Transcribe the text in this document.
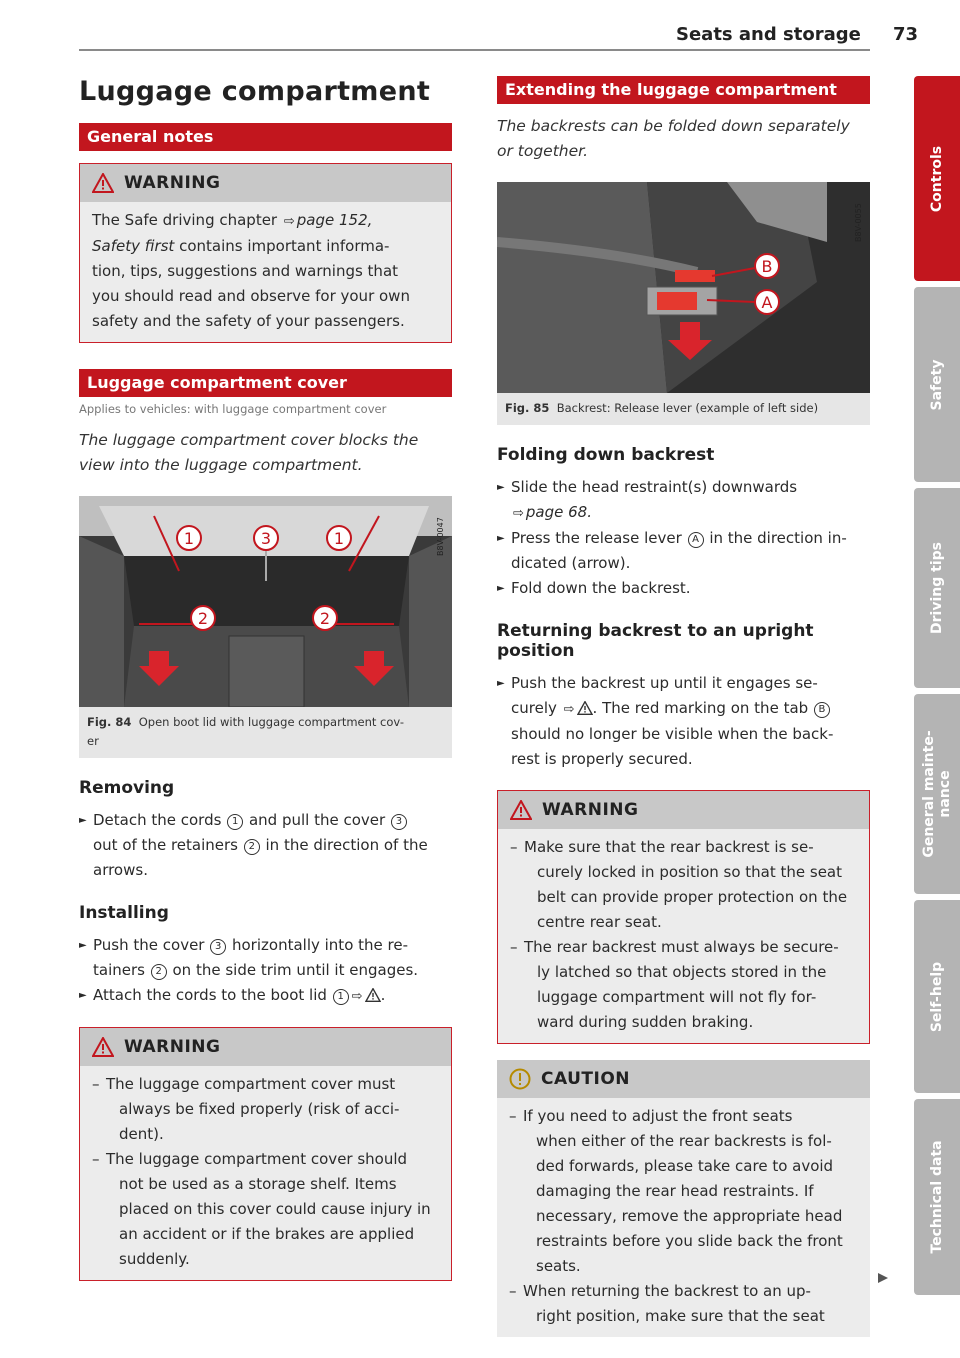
Seats and storage 73
Luggage compartment
General notes
WARNING
The Safe driving chapter ⇨ page 152,
Safety first contains important informa-
tion, tips, suggestions and warnings that
you should read and observe for your own
safety and the safety of your passengers.
Luggage compartment cover
Applies to vehicles: with luggage compartment cover
The luggage compartment cover blocks the
view into the luggage compartment.
1	3	1
2	2
B8V-0047
Fig. 84 Open boot lid with luggage compartment cov-
er
Removing
► Detach the cords 1 and pull the cover 3
out of the retainers 2 in the direction of the
arrows.
Installing
► Push the cover 3 horizontally into the re-
tainers 2 on the side trim until it engages.
► Attach the cords to the boot lid 1 ⇨ .
WARNING
– The luggage compartment cover must
always be fixed properly (risk of acci-
dent).
– The luggage compartment cover should
not be used as a storage shelf. Items
placed on this cover could cause injury in
an accident or if the brakes are applied
suddenly.
Extending the luggage compartment
The backrests can be folded down separately
or together.
B
A
B8V-0055
Fig. 85 Backrest: Release lever (example of left side)
Folding down backrest
► Slide the head restraint(s) downwards
⇨ page 68.
► Press the release lever A in the direction in-
dicated (arrow).
► Fold down the backrest.
Returning backrest to an upright position
► Push the backrest up until it engages se-
curely ⇨ . The red marking on the tab B
should no longer be visible when the back-
rest is properly secured.
WARNING
– Make sure that the rear backrest is se-
curely locked in position so that the seat
belt can provide proper protection on the
centre rear seat.
– The rear backrest must always be secure-
ly latched so that objects stored in the
luggage compartment will not fly for-
ward during sudden braking.
CAUTION
– If you need to adjust the front seats
when either of the rear backrests is fol-
ded forwards, please take care to avoid
damaging the rear head restraints. If
necessary, remove the appropriate head
restraints before you slide back the front
seats.
– When returning the backrest to an up-
right position, make sure that the seat
Controls
Safety
Driving tips
General mainte- nance
Self-help
Technical data
